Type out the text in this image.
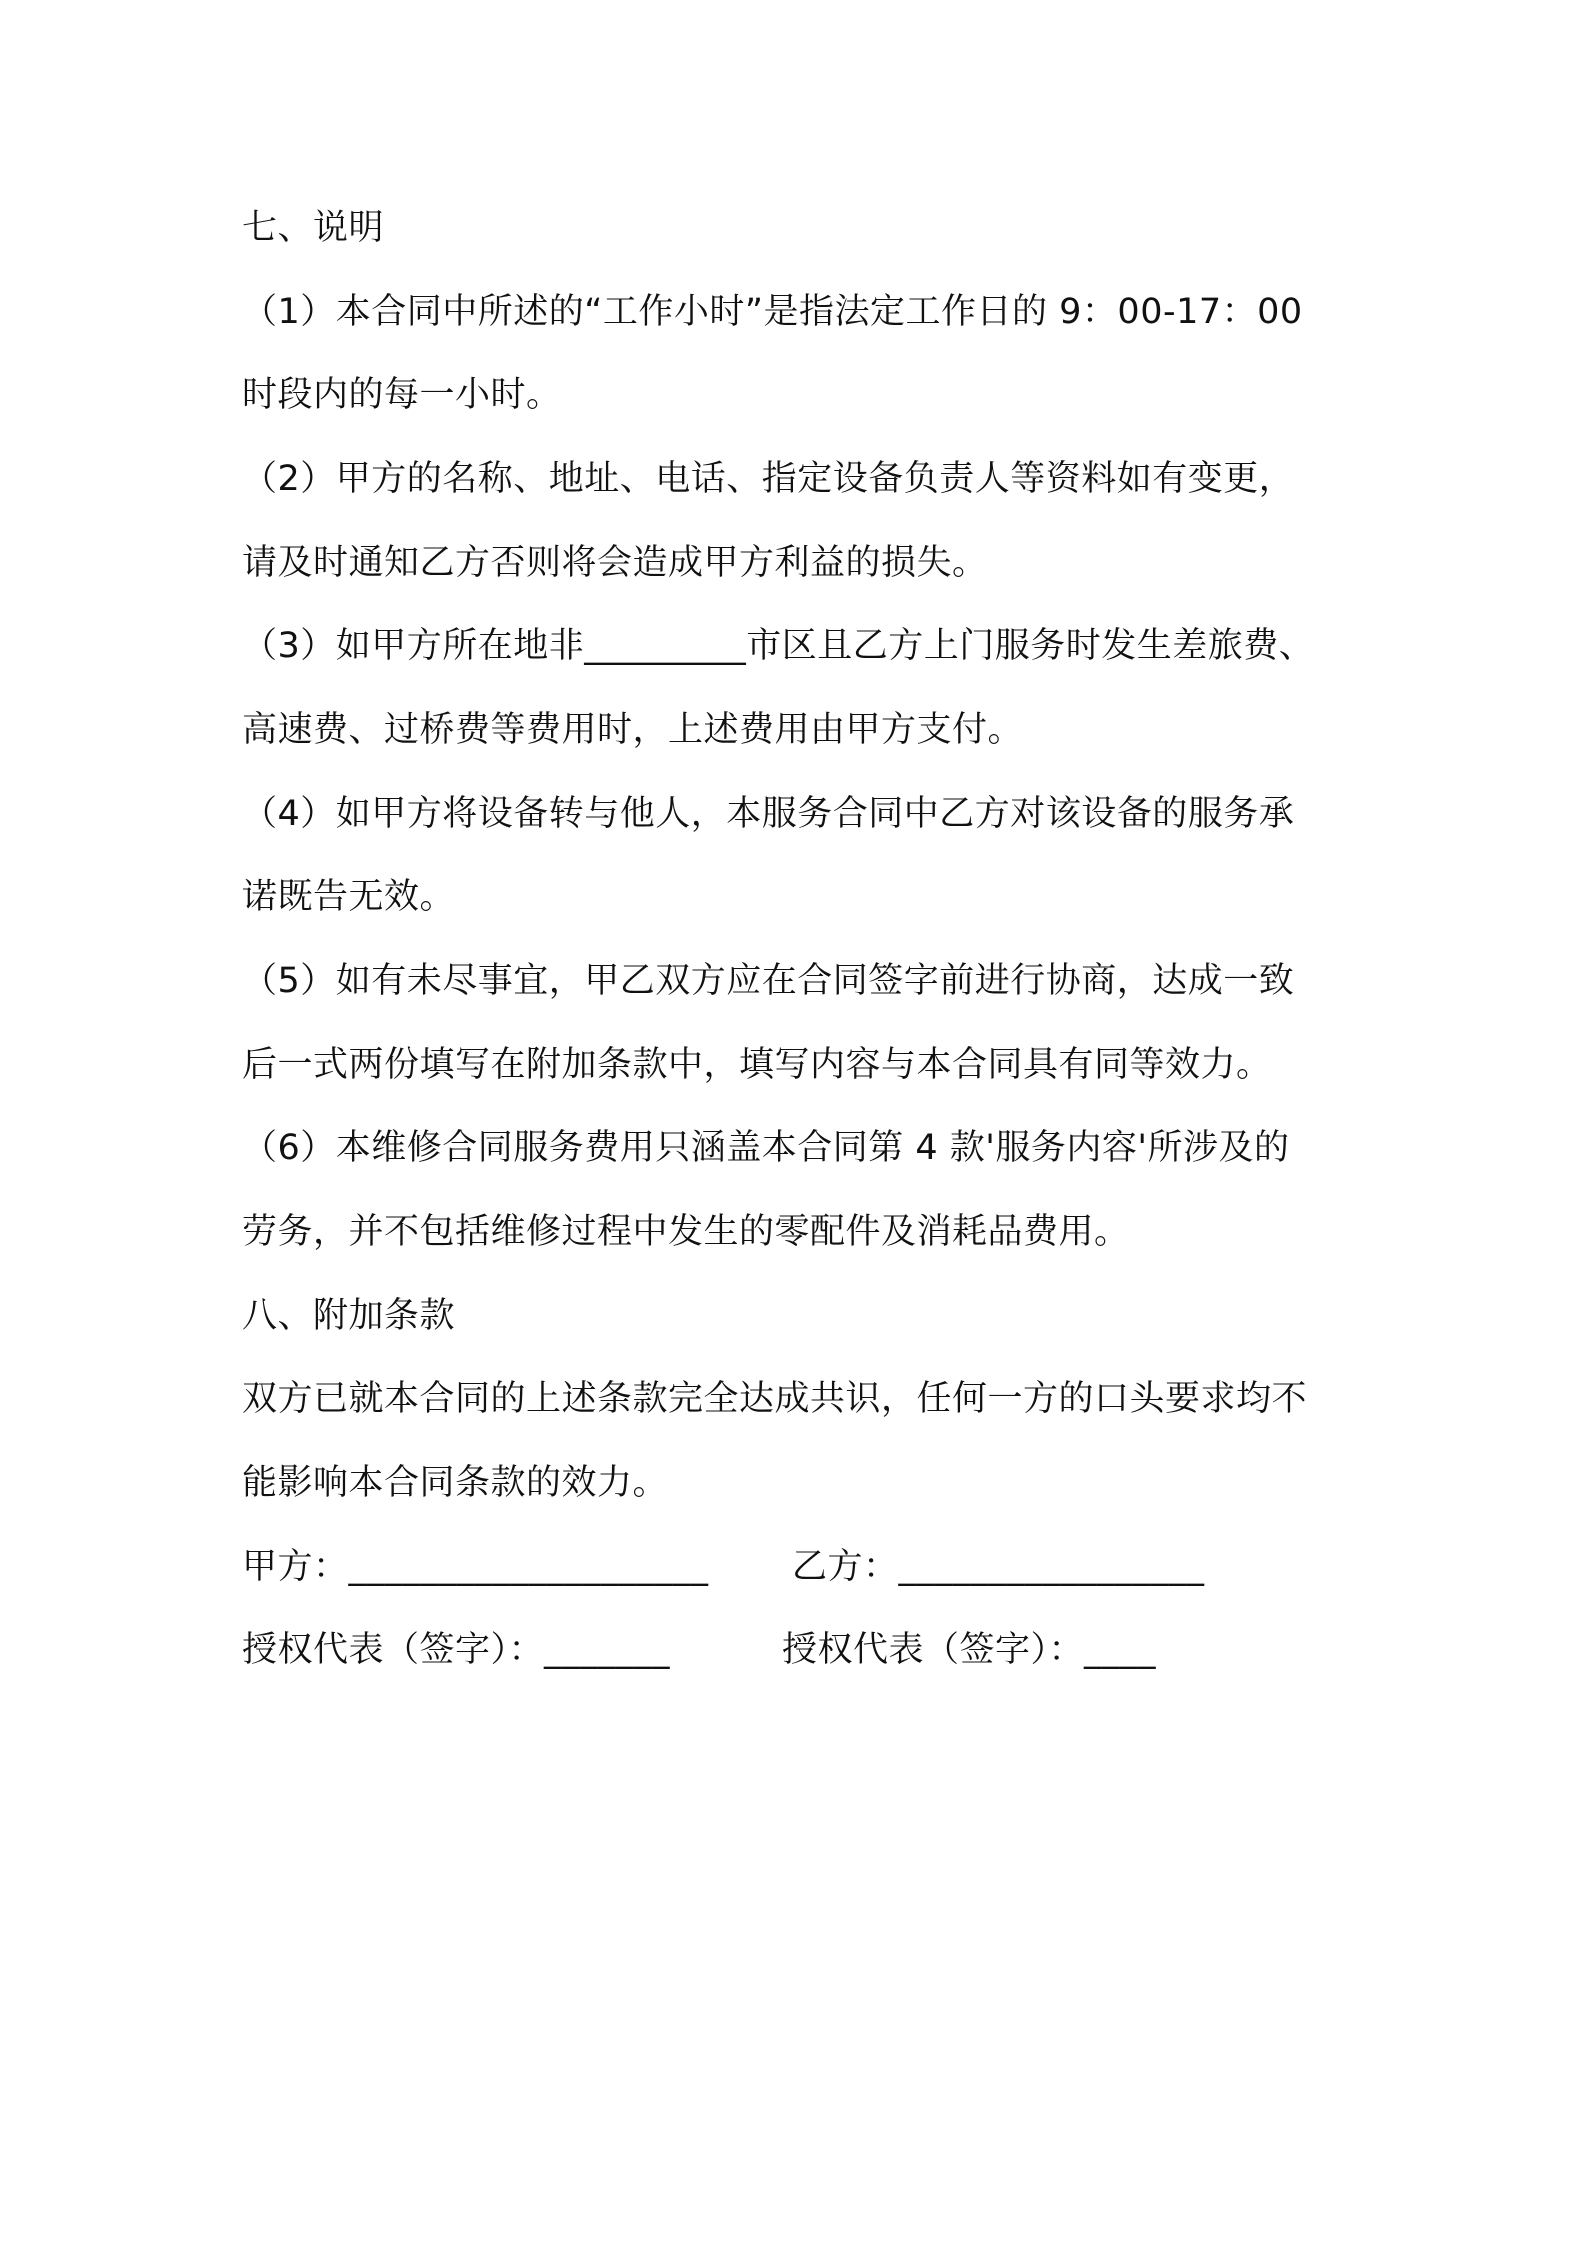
七、说明
（1）本合同中所述的“工作小时”是指法定工作日的 9：00-17：00
时段内的每一小时。
（2）甲方的名称、地址、电话、指定设备负责人等资料如有变更，
请及时通知乙方否则将会造成甲方利益的损失。
（3）如甲方所在地非_________市区且乙方上门服务时发生差旅费、
高速费、过桥费等费用时，上述费用由甲方支付。
（4）如甲方将设备转与他人，本服务合同中乙方对该设备的服务承
诺既告无效。
（5）如有未尽事宜，甲乙双方应在合同签字前进行协商，达成一致
后一式两份填写在附加条款中，填写内容与本合同具有同等效力。
（6）本维修合同服务费用只涵盖本合同第 4 款'服务内容'所涉及的
劳务，并不包括维修过程中发生的零配件及消耗品费用。
八、附加条款
双方已就本合同的上述条款完全达成共识，任何一方的口头要求均不
能影响本合同条款的效力。
甲方：____________________ 乙方：_________________
授权代表（签字）：_______	授权代表（签字）：____
